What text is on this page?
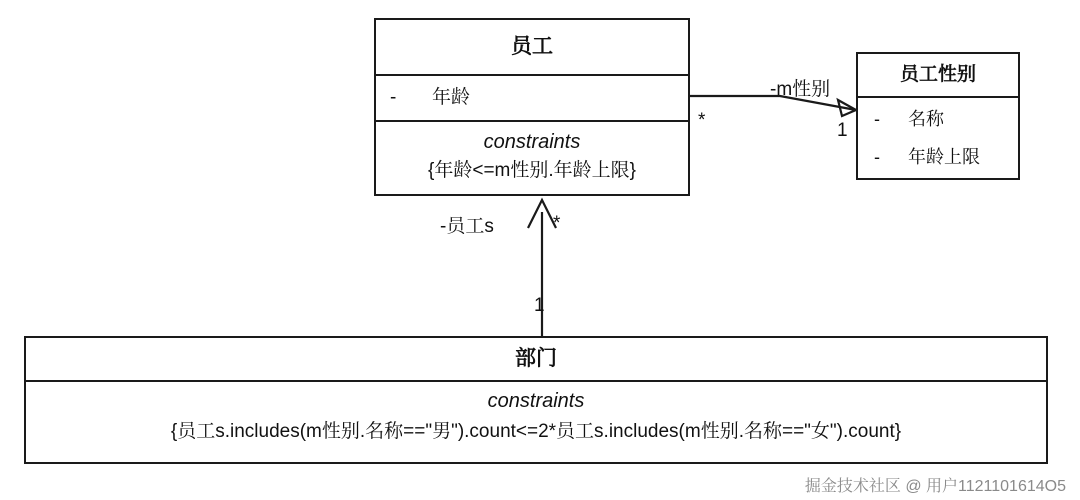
员工
- 年龄
constraints
{年龄<=m性别.年龄上限}
员工性别
- 名称
- 年龄上限
部门
constraints
{员工s.includes(m性别.名称=="男").count<=2*员工s.includes(m性别.名称=="女").count}
-m性别
*	1
-员工s	*
1
掘金技术社区 @ 用户1121101614O5
